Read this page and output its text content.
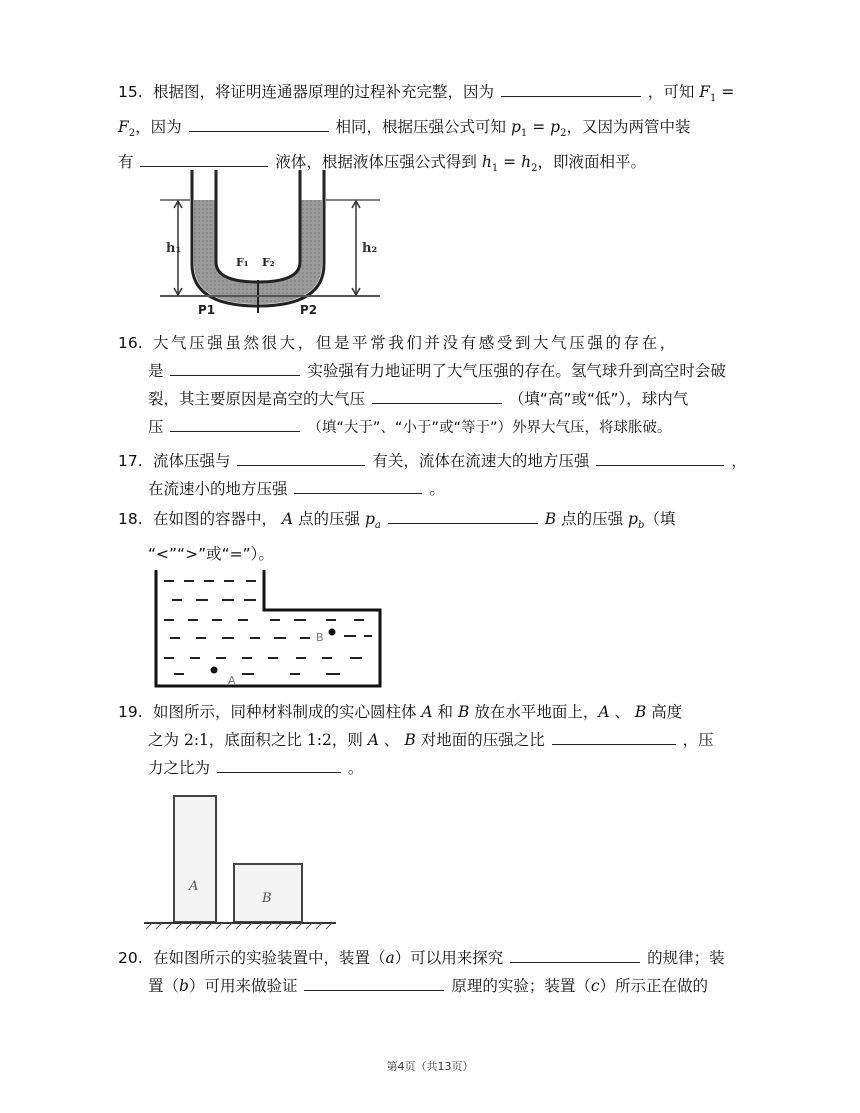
15. 根据图，将证明连通器原理的过程补充完整，因为	，可知 $F_1$ =
$F_2$，因为	相同，根据压强公式可知 $p_1 = p_2$，又因为两管中装
有	液体，根据液体压强公式得到 $h_1 = h_2$，即液面相平。
h₁	h₂
F₁ F₂
P1	P2
16. 大气压强虽然很大，但是平常我们并没有感受到大气压强的存在，
是	实验强有力地证明了大气压强的存在。氢气球升到高空时会破
裂，其主要原因是高空的大气压	（填“高”或“低”），球内气
压	（填“大于”、“小于”或“等于”）外界大气压，将球胀破。
17. 流体压强与	有关，流体在流速大的地方压强	，
在流速小的地方压强	。
18. 在如图的容器中， A 点的压强 $p_a$	B 点的压强 $p_b$（填
“<”“>”或“=”）。
B
A
19. 如图所示，同种材料制成的实心圆柱体 A 和 B 放在水平地面上，A 、 B 高度
之为 2:1，底面积之比 1:2，则 A 、 B 对地面的压强之比	，压
力之比为	。
A
B
20. 在如图所示的实验装置中，装置（a）可以用来探究	的规律；装
置（b）可用来做验证	原理的实验；装置（c）所示正在做的
第4页（共13页）
